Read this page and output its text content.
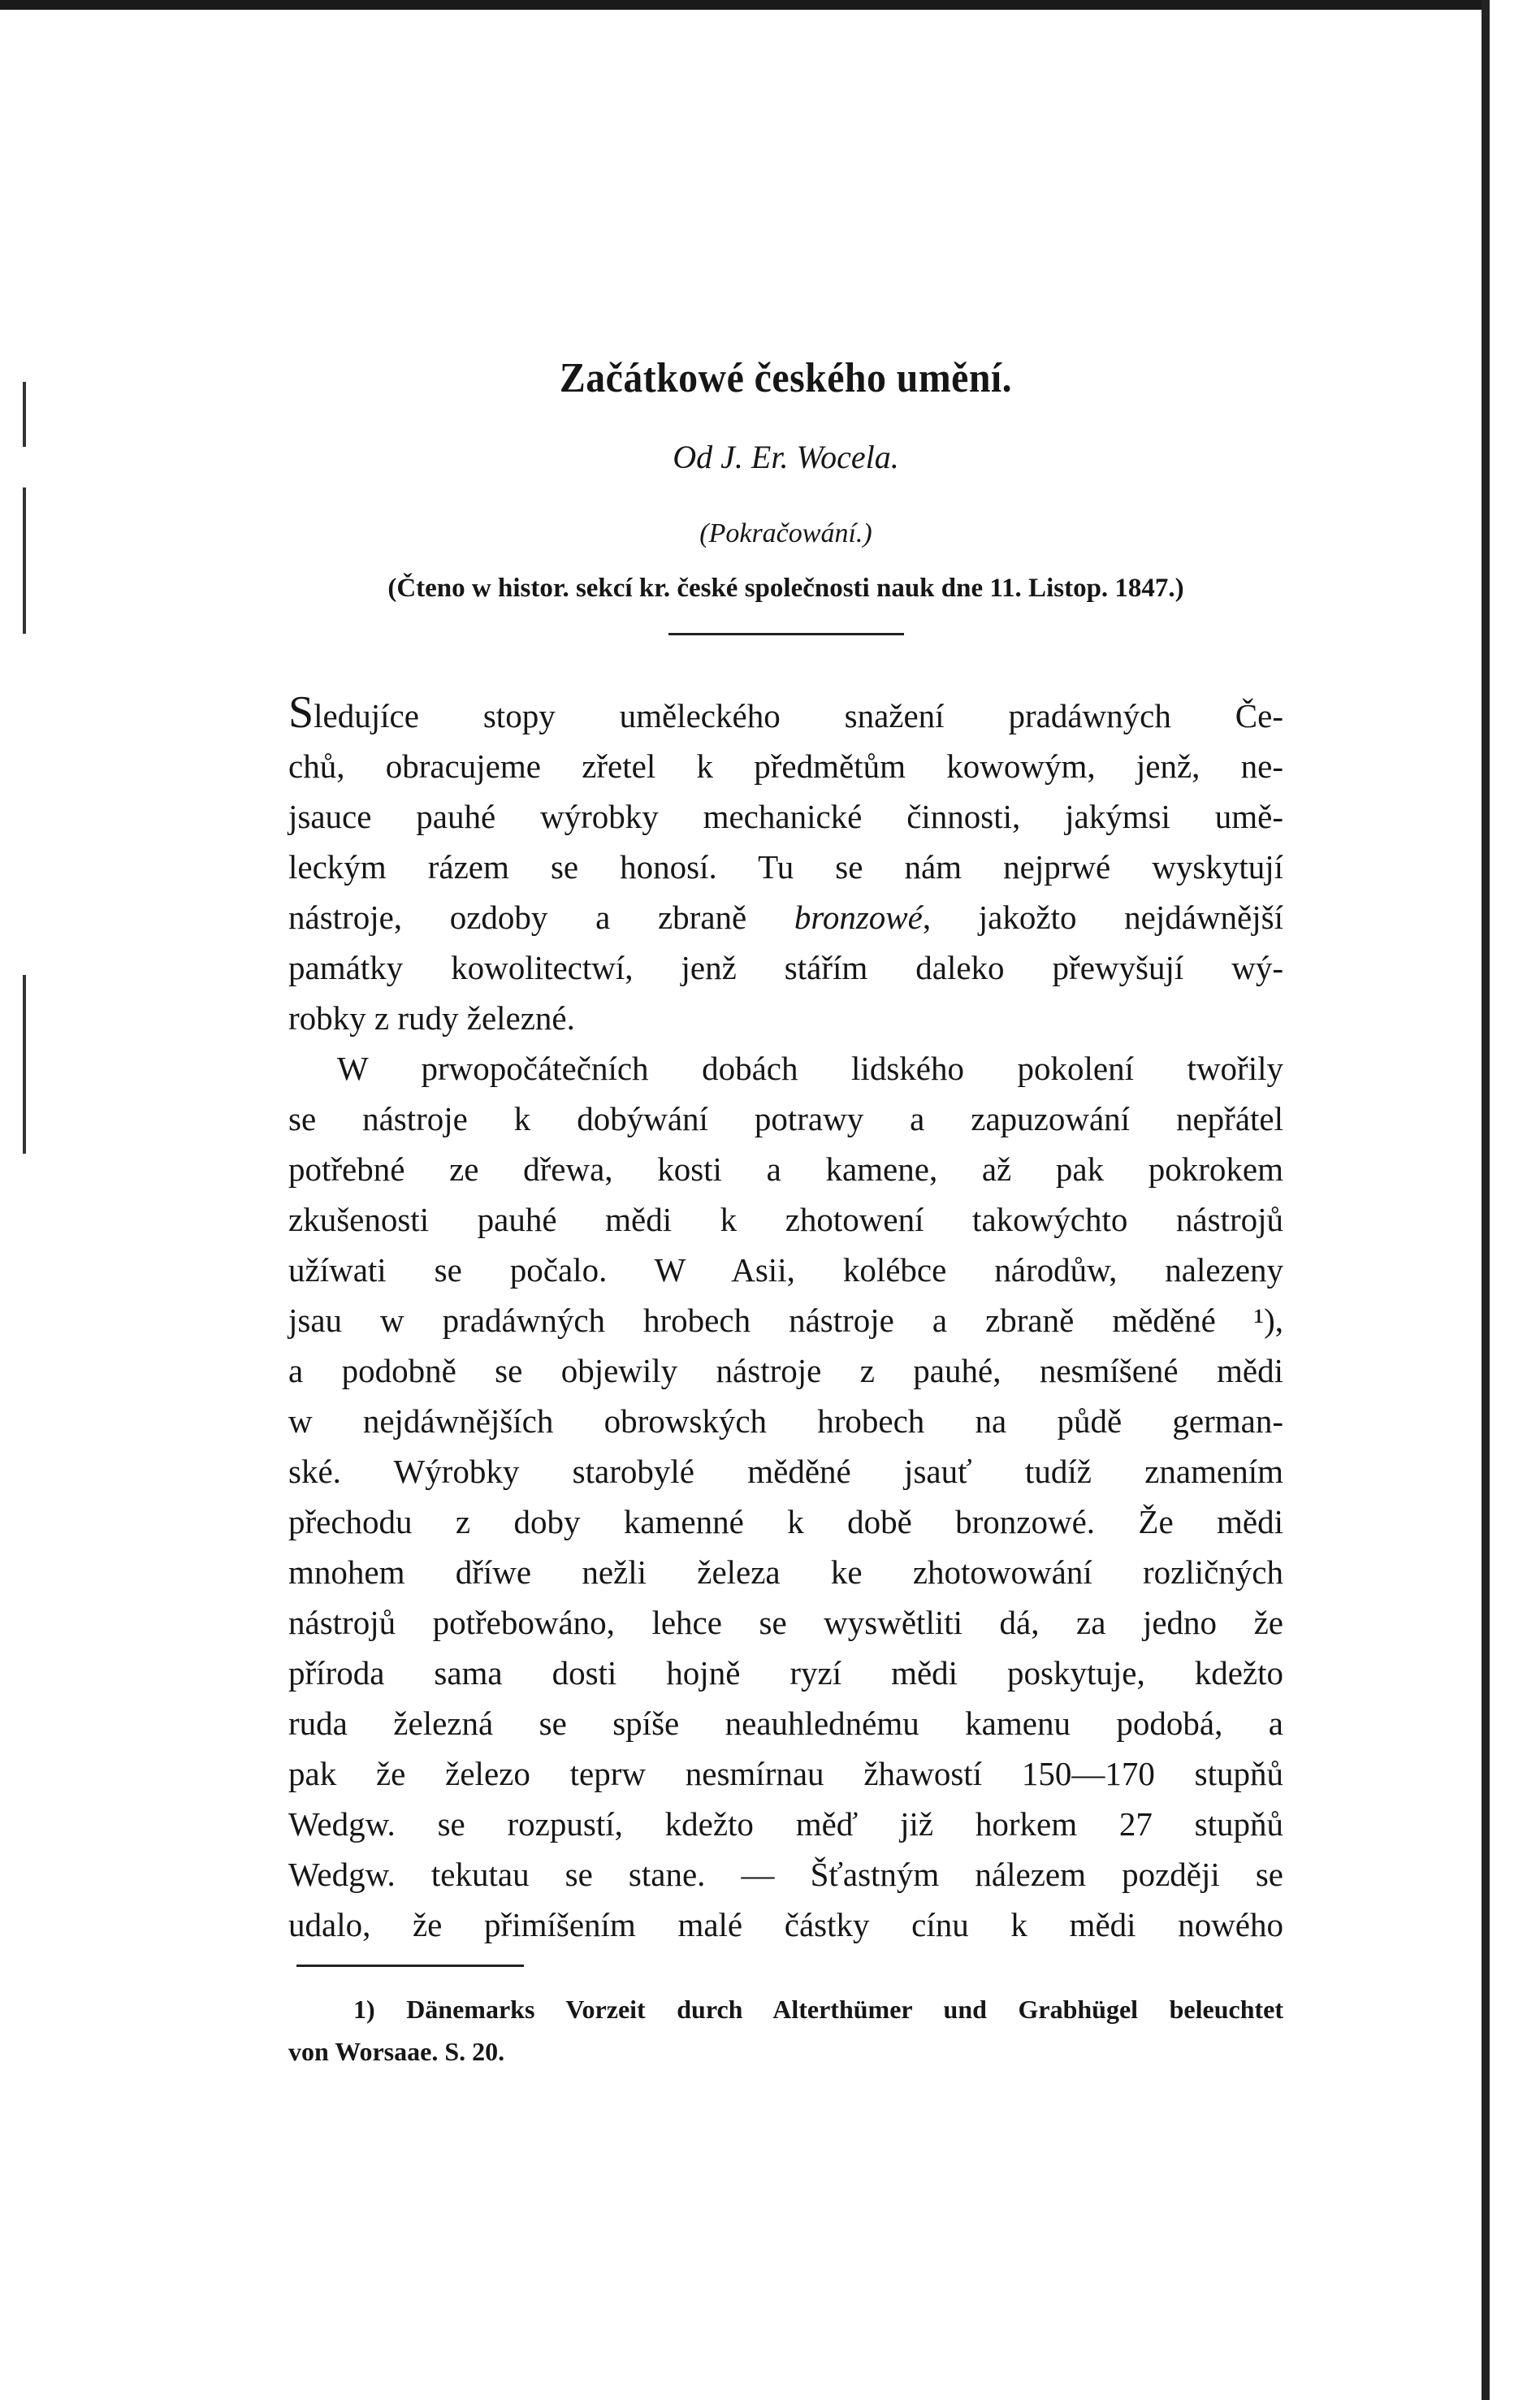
Začátkowé českého umění.
Od J. Er. Wocela.
(Pokračowání.)
(Čteno w histor. sekcí kr. české společnosti nauk dne 11. Listop. 1847.)
Sledujíce stopy uměleckého snažení pradáwných Če-
chů, obracujeme zřetel k předmětům kowowým, jenž, ne-
jsauce pauhé wýrobky mechanické činnosti, jakýmsi umě-
leckým rázem se honosí. Tu se nám nejprwé wyskytují
nástroje, ozdoby a zbraně bronzowé, jakožto nejdáwnější
památky kowolitectwí, jenž stářím daleko přewyšují wý-
robky z rudy železné.
W prwopočátečních dobách lidského pokolení twořily
se nástroje k dobýwání potrawy a zapuzowání nepřátel
potřebné ze dřewa, kosti a kamene, až pak pokrokem
zkušenosti pauhé mědi k zhotowení takowýchto nástrojů
užíwati se počalo. W Asii, kolébce národůw, nalezeny
jsau w pradáwných hrobech nástroje a zbraně měděné ¹),
a podobně se objewily nástroje z pauhé, nesmíšené mědi
w nejdáwnějších obrowských hrobech na půdě german-
ské. Wýrobky starobylé měděné jsauť tudíž znamením
přechodu z doby kamenné k době bronzowé. Že mědi
mnohem dříwe nežli železa ke zhotowowání rozličných
nástrojů potřebowáno, lehce se wyswětliti dá, za jedno že
příroda sama dosti hojně ryzí mědi poskytuje, kdežto
ruda železná se spíše neauhlednému kamenu podobá, a
pak že železo teprw nesmírnau žhawostí 150—170 stupňů
Wedgw. se rozpustí, kdežto měď již horkem 27 stupňů
Wedgw. tekutau se stane. — Šťastným nálezem později se
udalo, že přimíšením malé částky cínu k mědi nowého
1) Dänemarks Vorzeit durch Alterthümer und Grabhügel beleuchtet
von Worsaae. S. 20.
